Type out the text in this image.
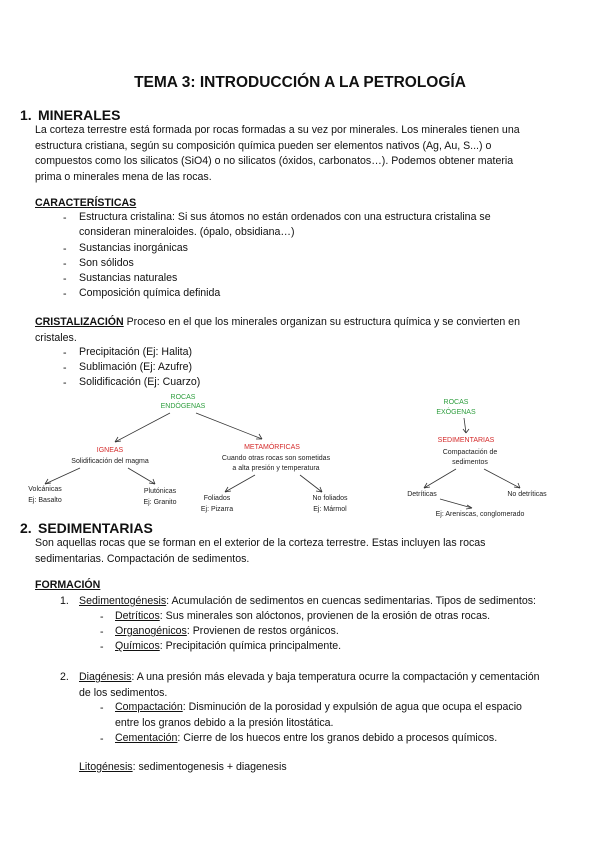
TEMA 3: INTRODUCCIÓN A LA PETROLOGÍA
1. MINERALES
La corteza terrestre está formada por rocas formadas a su vez por minerales. Los minerales tienen una
estructura cristiana, según su composición química pueden ser elementos nativos (Ag, Au, S...) o
compuestos como los silicatos (SiO4) o no silicatos (óxidos, carbonatos…). Podemos obtener materia
prima o minerales mena de las rocas.
CARACTERÍSTICAS
- Estructura cristalina: Si sus átomos no están ordenados con una estructura cristalina se
consideran mineraloides. (ópalo, obsidiana…)
- Sustancias inorgánicas
- Son sólidos
- Sustancias naturales
- Composición química definida
CRISTALIZACIÓN Proceso en el que los minerales organizan su estructura química y se convierten en
cristales.
- Precipitación (Ej: Halita)
- Sublimación (Ej: Azufre)
- Solidificación (Ej: Cuarzo)
ROCAS
ENDÓGENAS
IGNEAS
Solidificación del magma
Volcánicas
Ej: Basalto
Plutónicas
Ej: Granito
METAMÓRFICAS
Cuando otras rocas son sometidas
a alta presión y temperatura
Foliados
Ej: Pizarra
No foliados
Ej: Mármol
ROCAS
EXÓGENAS
SEDIMENTARIAS
Compactación de
sedimentos
Detríticas	No detríticas
Ej: Areniscas, conglomerado
2. SEDIMENTARIAS
Son aquellas rocas que se forman en el exterior de la corteza terrestre. Estas incluyen las rocas
sedimentarias. Compactación de sedimentos.
FORMACIÓN
1. Sedimentogénesis: Acumulación de sedimentos en cuencas sedimentarias. Tipos de sedimentos:
- Detríticos: Sus minerales son alóctonos, provienen de la erosión de otras rocas.
- Organogénicos: Provienen de restos orgánicos.
- Químicos: Precipitación química principalmente.
2. Diagénesis: A una presión más elevada y baja temperatura ocurre la compactación y cementación
de los sedimentos.
- Compactación: Disminución de la porosidad y expulsión de agua que ocupa el espacio
entre los granos debido a la presión litostática.
- Cementación: Cierre de los huecos entre los granos debido a procesos químicos.
Litogénesis: sedimentogenesis + diagenesis
